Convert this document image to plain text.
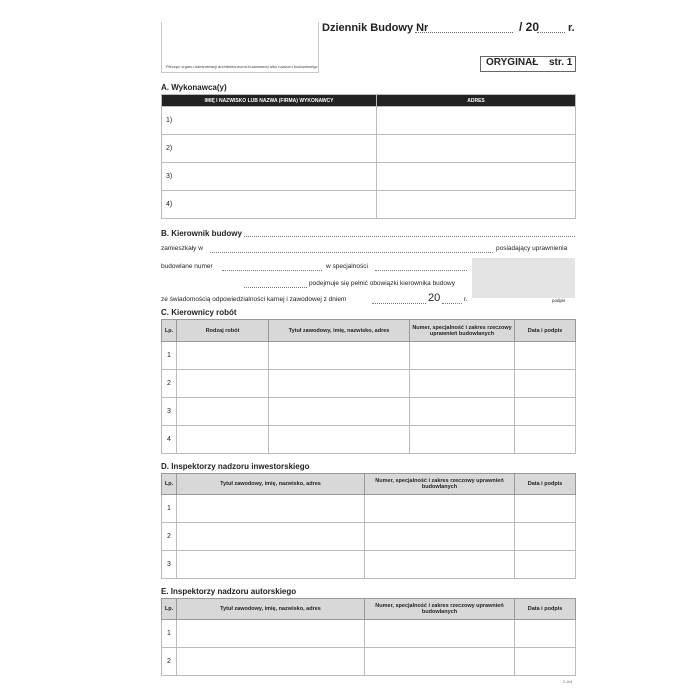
Pieczęć organu administracji architektoniczno-budowlanej albo nadzoru budowlanego
Dziennik Budowy Nr	/ 20	r.
ORYGINAŁ str. 1
A. Wykonawca(y)
IMIĘ I NAZWISKO LUB NAZWA (FIRMA) WYKONAWCY	ADRES
1)	
2)	
3)	
4)	
B. Kierownik budowy
zamieszkały w	posiadający uprawnienia
budowlane numer	w specjalności
podejmuje się pełnić obowiązki kierownika budowy
ze świadomością odpowiedzialności karnej i zawodowej z dniem	20	r.	podpis
C. Kierownicy robót
Lp.	Rodzaj robót	Tytuł zawodowy, imię, nazwisko, adres	Numer, specjalność i zakres rzeczowy uprawnień budowlanych	Data i podpis
1				
2				
3				
4				
D. Inspektorzy nadzoru inwestorskiego
Lp.	Tytuł zawodowy, imię, nazwisko, adres	Numer, specjalność i zakres rzeczowy uprawnień budowlanych	Data i podpis
1			
2			
3			
E. Inspektorzy nadzoru autorskiego
Lp.	Tytuł zawodowy, imię, nazwisko, adres	Numer, specjalność i zakres rzeczowy uprawnień budowlanych	Data i podpis
1			
2			
2-4/4
